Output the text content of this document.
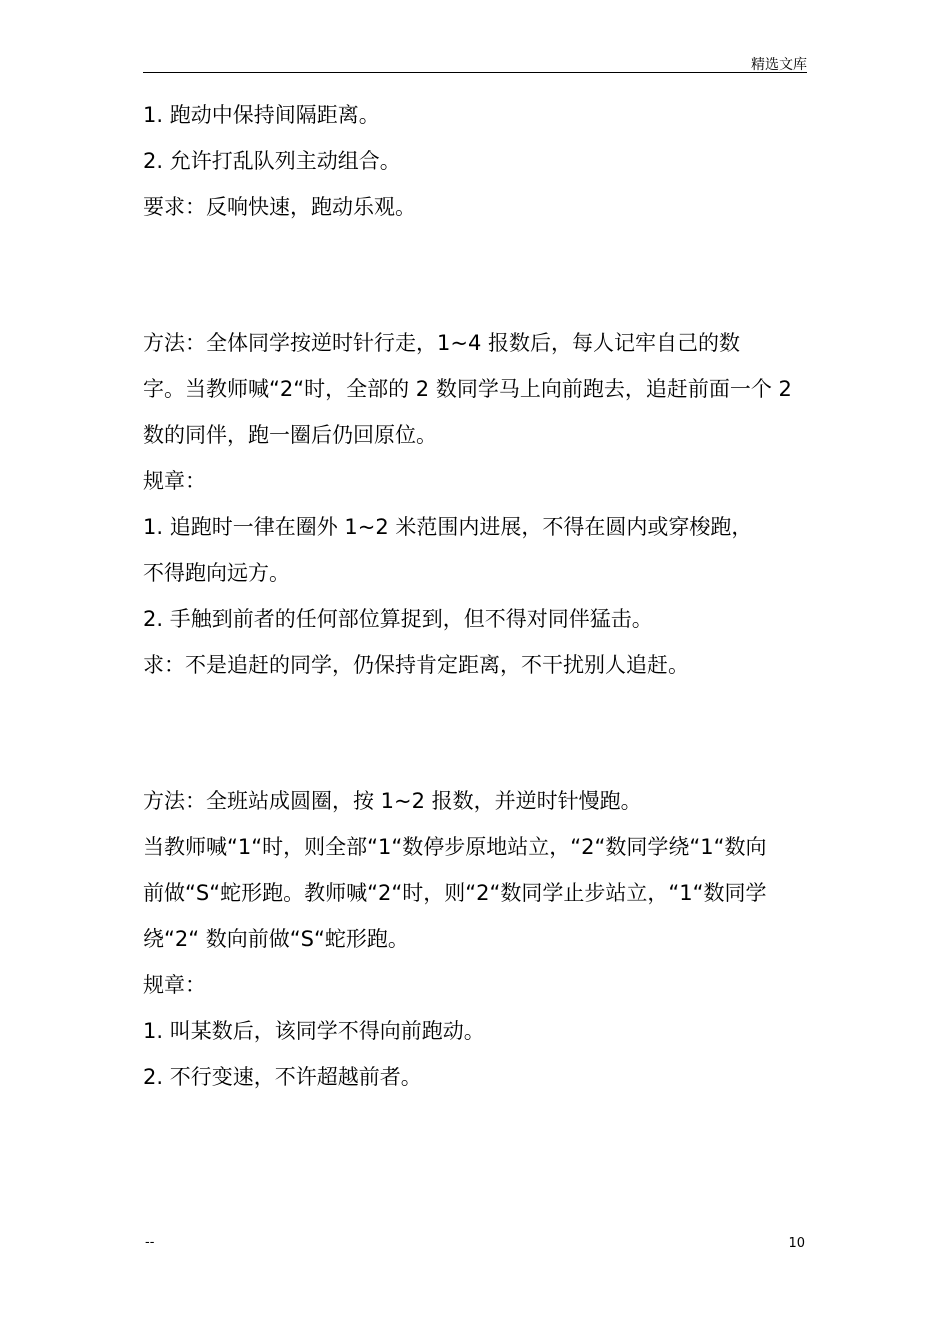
精选文库
1. 跑动中保持间隔距离。
2. 允许打乱队列主动组合。
要求：反响快速，跑动乐观。
方法：全体同学按逆时针行走，1~4 报数后，每人记牢自己的数
字。当教师喊“2“时，全部的 2 数同学马上向前跑去，追赶前面一个 2
数的同伴，跑一圈后仍回原位。
规章：
1. 追跑时一律在圈外 1~2 米范围内进展，不得在圆内或穿梭跑，
不得跑向远方。
2. 手触到前者的任何部位算捉到，但不得对同伴猛击。
求：不是追赶的同学，仍保持肯定距离，不干扰别人追赶。
方法：全班站成圆圈，按 1~2 报数，并逆时针慢跑。
当教师喊“1“时，则全部“1“数停步原地站立，“2“数同学绕“1“数向
前做“S“蛇形跑。教师喊“2“时，则“2“数同学止步站立，“1“数同学
绕“2“ 数向前做“S“蛇形跑。
规章：
1. 叫某数后，该同学不得向前跑动。
2. 不行变速，不许超越前者。
--	10
